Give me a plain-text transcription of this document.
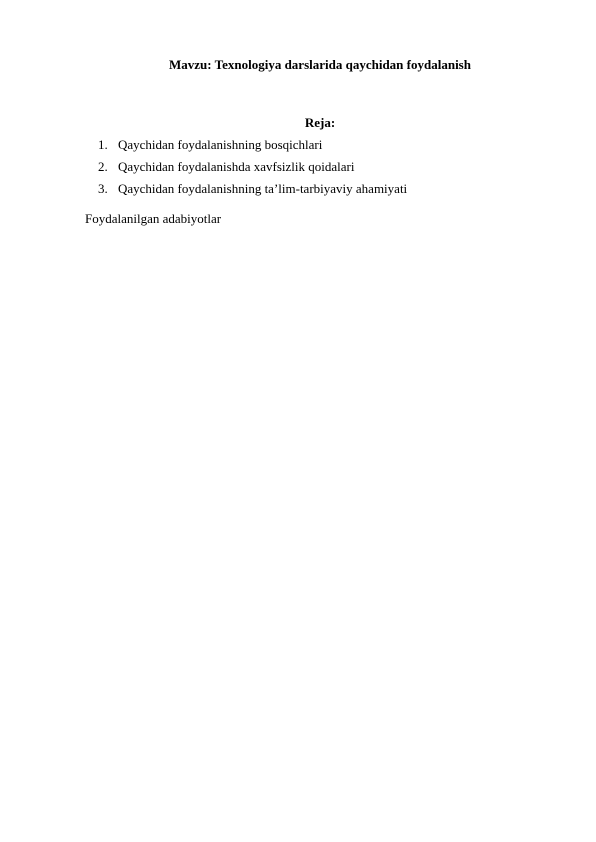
Mavzu: Texnologiya darslarida qaychidan foydalanish
Reja:
1. Qaychidan foydalanishning bosqichlari
2. Qaychidan foydalanishda xavfsizlik qoidalari
3. Qaychidan foydalanishning ta’lim-tarbiyaviy ahamiyati
Foydalanilgan adabiyotlar
